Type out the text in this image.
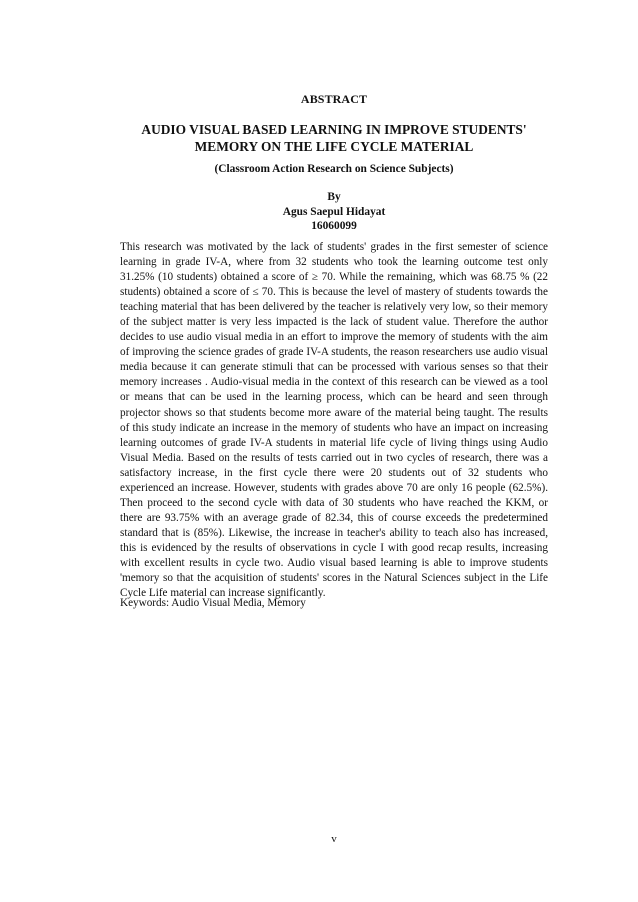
ABSTRACT
AUDIO VISUAL BASED LEARNING IN IMPROVE STUDENTS'
MEMORY ON THE LIFE CYCLE MATERIAL
(Classroom Action Research on Science Subjects)
By
Agus Saepul Hidayat
16060099

This research was motivated by the lack of students' grades in the first semester of science learning in grade IV-A, where from 32 students who took the learning outcome test only 31.25% (10 students) obtained a score of ≥ 70. While the remaining, which was 68.75 % (22 students) obtained a score of ≤ 70. This is because the level of mastery of students towards the teaching material that has been delivered by the teacher is relatively very low, so their memory of the subject matter is very less impacted is the lack of student value. Therefore the author decides to use audio visual media in an effort to improve the memory of students with the aim of improving the science grades of grade IV-A students, the reason researchers use audio visual media because it can generate stimuli that can be processed with various senses so that their memory increases . Audio-visual media in the context of this research can be viewed as a tool or means that can be used in the learning process, which can be heard and seen through projector shows so that students become more aware of the material being taught. The results of this study indicate an increase in the memory of students who have an impact on increasing learning outcomes of grade IV-A students in material life cycle of living things using Audio Visual Media. Based on the results of tests carried out in two cycles of research, there was a satisfactory increase, in the first cycle there were 20 students out of 32 students who experienced an increase. However, students with grades above 70 are only 16 people (62.5%). Then proceed to the second cycle with data of 30 students who have reached the KKM, or there are 93.75% with an average grade of 82.34, this of course exceeds the predetermined standard that is (85%). Likewise, the increase in teacher's ability to teach also has increased, this is evidenced by the results of observations in cycle I with good recap results, increasing with excellent results in cycle two. Audio visual based learning is able to improve students 'memory so that the acquisition of students' scores in the Natural Sciences subject in the Life Cycle Life material can increase significantly.

Keywords: Audio Visual Media, Memory

v
